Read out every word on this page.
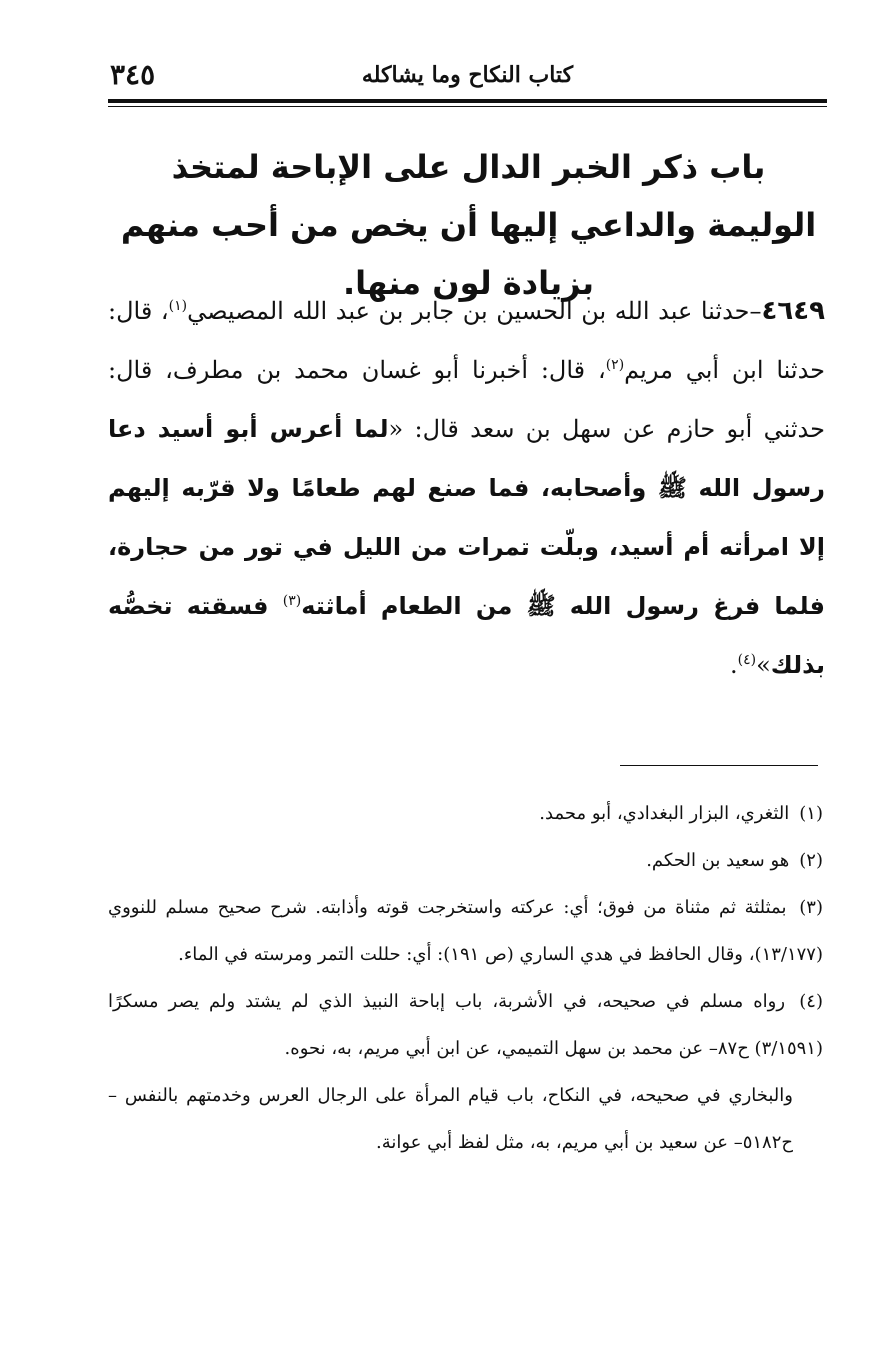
كتاب النكاح وما يشاكله
٣٤٥
باب ذكر الخبر الدال على الإباحة لمتخذ الوليمة والداعي إليها أن يخص من أحب منهم بزيادة لون منها.

٤٦٤٩–حدثنا عبد الله بن الحسين بن جابر بن عبد الله المصيصي$^{(١)}$، قال: حدثنا ابن أبي مريم$^{(٢)}$، قال: أخبرنا أبو غسان محمد بن مطرف، قال: حدثني أبو حازم عن سهل بن سعد قال: «لما أعرس أبو أسيد دعا رسول الله ﷺ وأصحابه، فما صنع لهم طعامًا ولا قرّبه إليهم إلا امرأته أم أسيد، وبلّت تمرات من الليل في تور من حجارة، فلما فرغ رسول الله ﷺ من الطعام أماثته$^{(٣)}$ فسقته تخصُّه بذلك»$^{(٤)}$.

(١) الثغري، البزار البغدادي، أبو محمد.
(٢) هو سعيد بن الحكم.
(٣) بمثلثة ثم مثناة من فوق؛ أي: عركته واستخرجت قوته وأذابته. شرح صحيح مسلم للنووي (١٣/١٧٧)، وقال الحافظ في هدي الساري (ص ١٩١): أي: حللت التمر ومرسته في الماء.
(٤) رواه مسلم في صحيحه، في الأشربة، باب إباحة النبيذ الذي لم يشتد ولم يصر مسكرًا (٣/١٥٩١) ح٨٧– عن محمد بن سهل التميمي، عن ابن أبي مريم، به، نحوه.
والبخاري في صحيحه، في النكاح، باب قيام المرأة على الرجال العرس وخدمتهم بالنفس –ح٥١٨٢– عن سعيد بن أبي مريم، به، مثل لفظ أبي عوانة.
